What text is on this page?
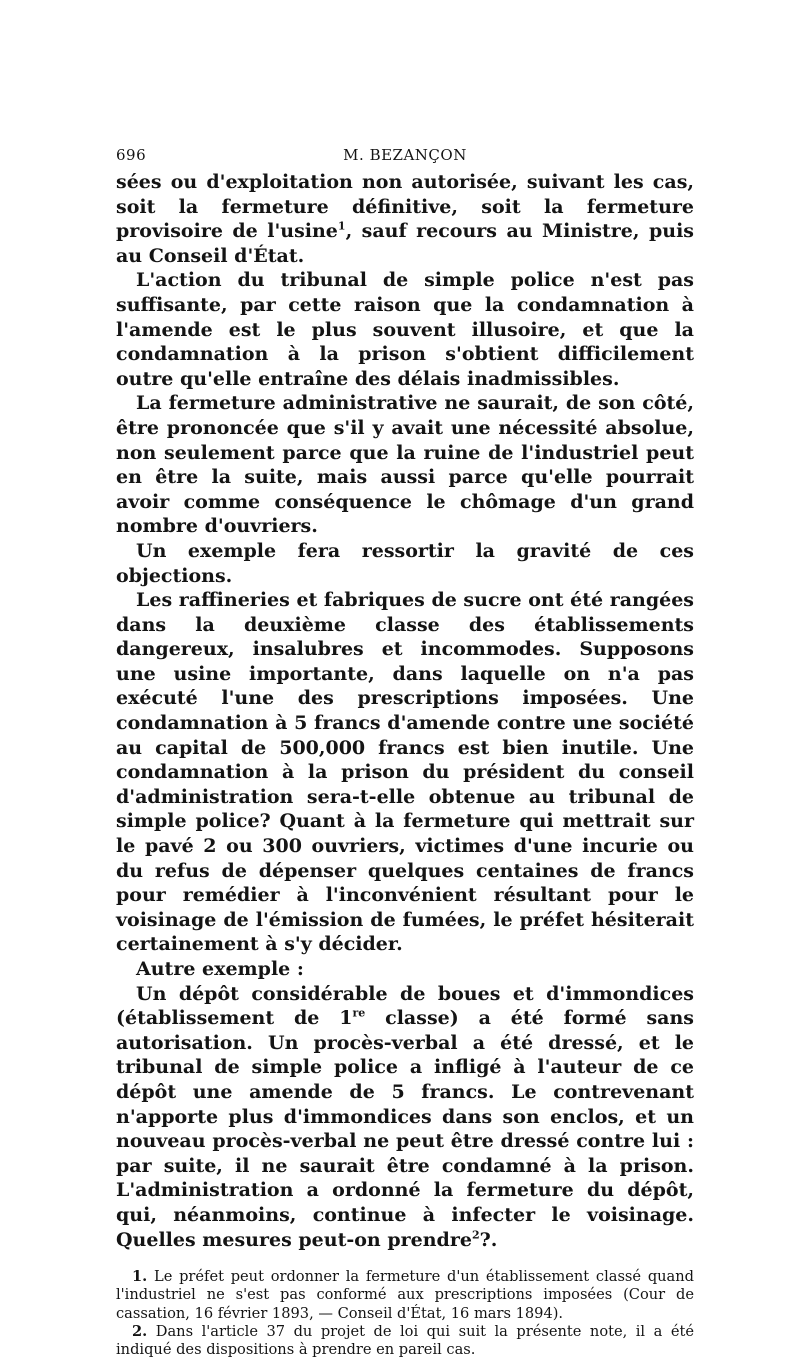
696	M. BEZANÇON

sées ou d'exploitation non autorisée, suivant les cas, soit la fermeture définitive, soit la fermeture provisoire de l'usine$^1$, sauf recours au Ministre, puis au Conseil d'État.

L'action du tribunal de simple police n'est pas suffisante, par cette raison que la condamnation à l'amende est le plus souvent illusoire, et que la condamnation à la prison s'obtient difficilement outre qu'elle entraîne des délais inadmissibles.

La fermeture administrative ne saurait, de son côté, être prononcée que s'il y avait une nécessité absolue, non seulement parce que la ruine de l'industriel peut en être la suite, mais aussi parce qu'elle pourrait avoir comme conséquence le chômage d'un grand nombre d'ouvriers.

Un exemple fera ressortir la gravité de ces objections.

Les raffineries et fabriques de sucre ont été rangées dans la deuxième classe des établissements dangereux, insalubres et incommodes. Supposons une usine importante, dans laquelle on n'a pas exécuté l'une des prescriptions imposées. Une condamnation à 5 francs d'amende contre une société au capital de 500,000 francs est bien inutile. Une condamnation à la prison du président du conseil d'administration sera-t-elle obtenue au tribunal de simple police? Quant à la fermeture qui mettrait sur le pavé 2 ou 300 ouvriers, victimes d'une incurie ou du refus de dépenser quelques centaines de francs pour remédier à l'inconvénient résultant pour le voisinage de l'émission de fumées, le préfet hésiterait certainement à s'y décider.

Autre exemple :

Un dépôt considérable de boues et d'immondices (établissement de 1re classe) a été formé sans autorisation. Un procès-verbal a été dressé, et le tribunal de simple police a infligé à l'auteur de ce dépôt une amende de 5 francs. Le contrevenant n'apporte plus d'immondices dans son enclos, et un nouveau procès-verbal ne peut être dressé contre lui : par suite, il ne saurait être condamné à la prison. L'administration a ordonné la fermeture du dépôt, qui, néanmoins, continue à infecter le voisinage. Quelles mesures peut-on prendre$^2$?.

1. Le préfet peut ordonner la fermeture d'un établissement classé quand l'industriel ne s'est pas conformé aux prescriptions imposées (Cour de cassation, 16 février 1893, — Conseil d'État, 16 mars 1894).

2. Dans l'article 37 du projet de loi qui suit la présente note, il a été indiqué des dispositions à prendre en pareil cas.
